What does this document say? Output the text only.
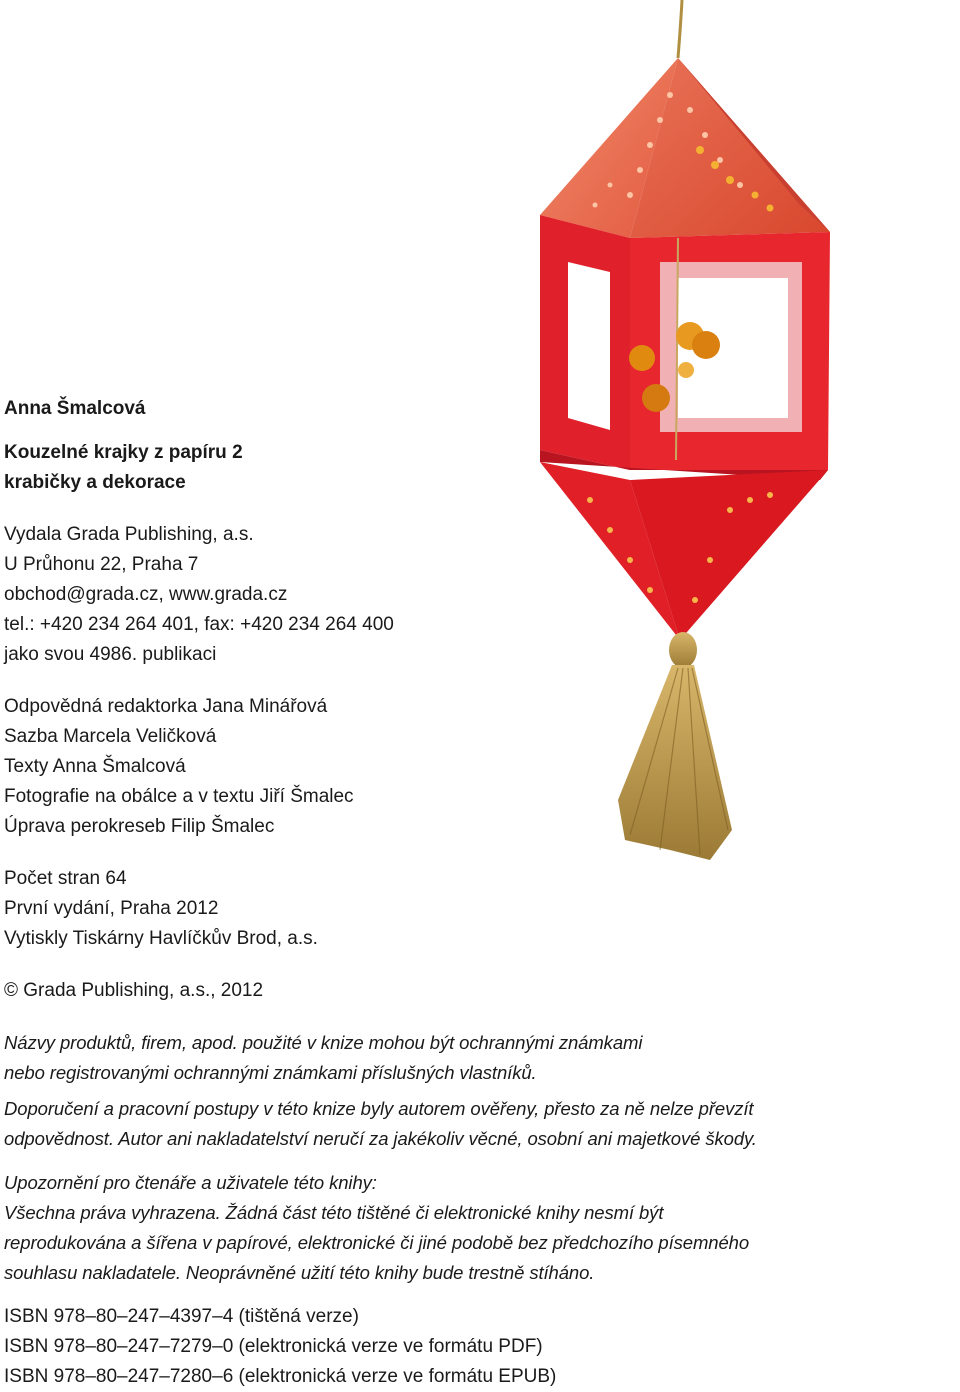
Anna Šmalcová
Kouzelné krajky z papíru 2
krabičky a dekorace
Vydala Grada Publishing, a.s.
U Průhonu 22, Praha 7
obchod@grada.cz, www.grada.cz
tel.: +420 234 264 401, fax: +420 234 264 400
jako svou 4986. publikaci
Odpovědná redaktorka Jana Minářová
Sazba Marcela Veličková
Texty Anna Šmalcová
Fotografie na obálce a v textu Jiří Šmalec
Úprava perokreseb Filip Šmalec
Počet stran 64
První vydání, Praha 2012
Vytiskly Tiskárny Havlíčkův Brod, a.s.
© Grada Publishing, a.s., 2012
Názvy produktů, firem, apod. použité v knize mohou být ochrannými známkami
nebo registrovanými ochrannými známkami příslušných vlastníků.
Doporučení a pracovní postupy v této knize byly autorem ověřeny, přesto za ně nelze převzít
odpovědnost. Autor ani nakladatelství neručí za jakékoliv věcné, osobní ani majetkové škody.
Upozornění pro čtenáře a uživatele této knihy:
Všechna práva vyhrazena. Žádná část této tištěné či elektronické knihy nesmí být
reprodukována a šířena v papírové, elektronické či jiné podobě bez předchozího písemného
souhlasu nakladatele. Neoprávněné užití této knihy bude trestně stíháno.
ISBN 978–80–247–4397–4 (tištěná verze)
ISBN 978–80–247–7279–0 (elektronická verze ve formátu PDF)
ISBN 978–80–247–7280–6 (elektronická verze ve formátu EPUB)
